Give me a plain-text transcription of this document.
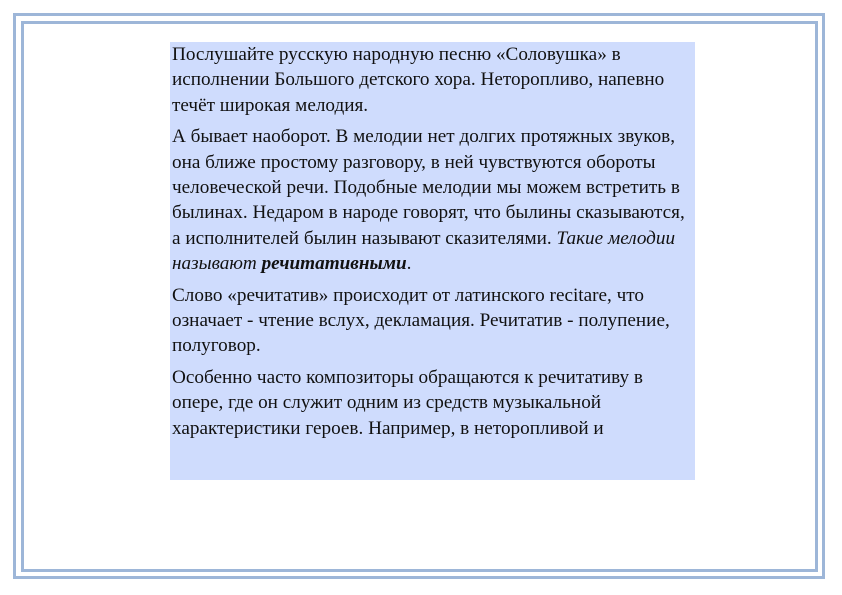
Послушайте русскую народную песню «Соловушка» в исполнении Большого детского хора. Неторопливо, напевно течёт широкая мелодия.

А бывает наоборот. В мелодии нет долгих протяжных звуков, она ближе простому разговору, в ней чувствуются обороты человеческой речи. Подобные мелодии мы можем встретить в былинах. Недаром в народе говорят, что былины сказываются, а исполнителей былин называют сказителями. Такие мелодии называют речитативными.

Слово «речитатив» происходит от латинского recitare, что означает - чтение вслух, декламация. Речитатив - полупение, полуговор.

Особенно часто композиторы обращаются к речитативу в опере, где он служит одним из средств музыкальной характеристики героев. Например, в неторопливой и
